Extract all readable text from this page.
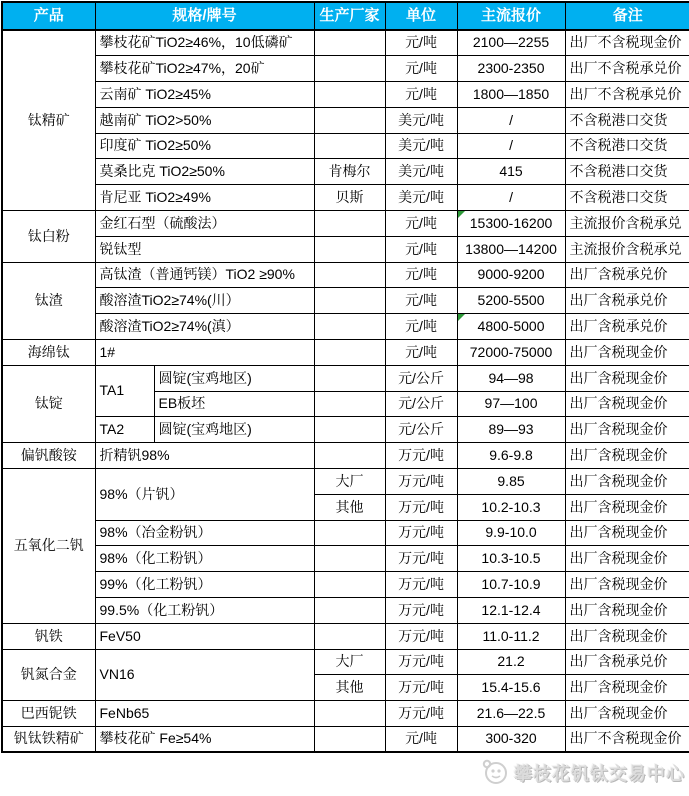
产品	规格/牌号		生产厂家	单位	主流报价	备注
钛精矿	攀枝花矿TiO2≥46%，10低磷矿			元/吨	2100—2255	出厂不含税现金价
	攀枝花矿TiO2≥47%，20矿			元/吨	2300-2350	出厂不含税承兑价
	云南矿 TiO2≥45%			元/吨	1800—1850	出厂不含税承兑价
	越南矿 TiO2>50%			美元/吨	/	不含税港口交货
	印度矿 TiO2≥50%			美元/吨	/	不含税港口交货
	莫桑比克 TiO2≥50%		肯梅尔	美元/吨	415	不含税港口交货
	肯尼亚 TiO2≥49%		贝斯	美元/吨	/	不含税港口交货
钛白粉	金红石型（硫酸法）			元/吨	15300-16200	主流报价含税承兑
	锐钛型			元/吨	13800—14200	主流报价含税承兑
钛渣	高钛渣（普通钙镁）TiO2 ≥90%			元/吨	9000-9200	出厂含税承兑价
	酸溶渣TiO2≥74%(川）			元/吨	5200-5500	出厂含税承兑价
	酸溶渣TiO2≥74%(滇）			元/吨	4800-5000	出厂含税承兑价
海绵钛	1#			元/吨	72000-75000	出厂含税现金价
钛锭	TA1	圆锭(宝鸡地区)		元/公斤	94—98	出厂含税现金价
		EB板坯		元/公斤	97—100	出厂含税现金价
	TA2	圆锭(宝鸡地区)		元/公斤	89—93	出厂含税现金价
偏钒酸铵	折精钒98%			万元/吨	9.6-9.8	出厂含税现金价
五氧化二钒	98%（片钒）		大厂	万元/吨	9.85	出厂含税现金价
			其他	万元/吨	10.2-10.3	出厂含税现金价
	98%（冶金粉钒）			万元/吨	9.9-10.0	出厂含税现金价
	98%（化工粉钒）			万元/吨	10.3-10.5	出厂含税现金价
	99%（化工粉钒）			万元/吨	10.7-10.9	出厂含税现金价
	99.5%（化工粉钒）			万元/吨	12.1-12.4	出厂含税现金价
钒铁	FeV50			万元/吨	11.0-11.2	出厂含税现金价
钒氮合金	VN16		大厂	万元/吨	21.2	出厂含税承兑价
			其他	万元/吨	15.4-15.6	出厂含税现金价
巴西铌铁	FeNb65			万元/吨	21.6—22.5	出厂含税现金价
钒钛铁精矿	攀枝花矿 Fe≥54%			元/吨	300-320	出厂不含税现金价
攀枝花钒钛交易中心
